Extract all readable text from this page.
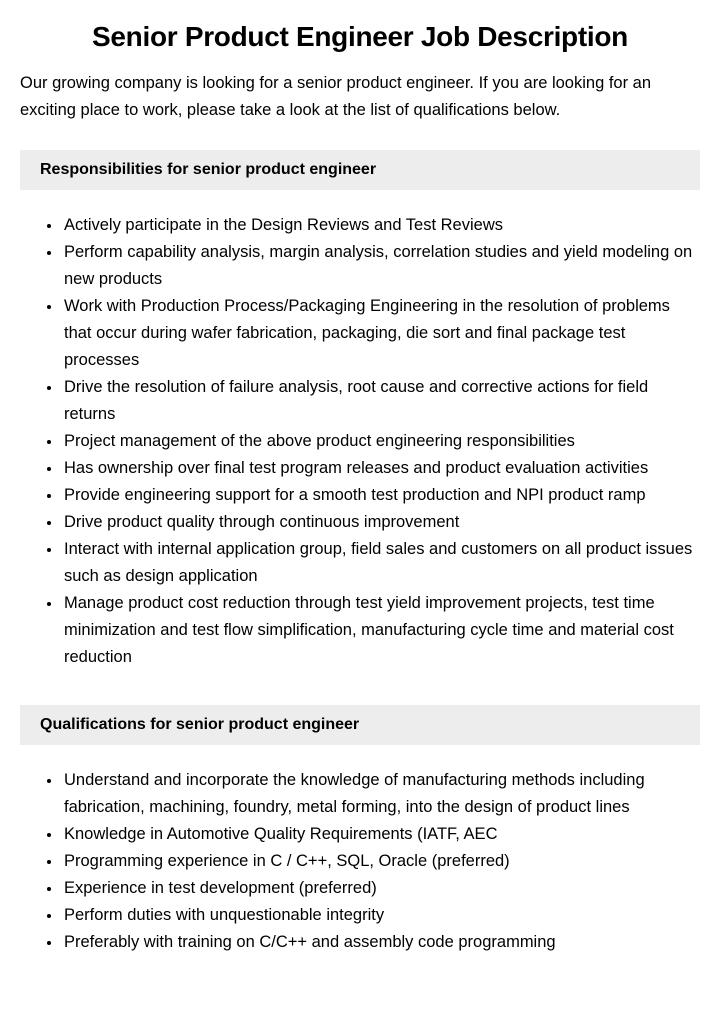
Senior Product Engineer Job Description

Our growing company is looking for a senior product engineer. If you are looking for an exciting place to work, please take a look at the list of qualifications below.

Responsibilities for senior product engineer
• Actively participate in the Design Reviews and Test Reviews
• Perform capability analysis, margin analysis, correlation studies and yield modeling on new products
• Work with Production Process/Packaging Engineering in the resolution of problems that occur during wafer fabrication, packaging, die sort and final package test processes
• Drive the resolution of failure analysis, root cause and corrective actions for field returns
• Project management of the above product engineering responsibilities
• Has ownership over final test program releases and product evaluation activities
• Provide engineering support for a smooth test production and NPI product ramp
• Drive product quality through continuous improvement
• Interact with internal application group, field sales and customers on all product issues such as design application
• Manage product cost reduction through test yield improvement projects, test time minimization and test flow simplification, manufacturing cycle time and material cost reduction
Qualifications for senior product engineer
• Understand and incorporate the knowledge of manufacturing methods including fabrication, machining, foundry, metal forming, into the design of product lines
• Knowledge in Automotive Quality Requirements (IATF, AEC
• Programming experience in C / C++, SQL, Oracle (preferred)
• Experience in test development (preferred)
• Perform duties with unquestionable integrity
• Preferably with training on C/C++ and assembly code programming
